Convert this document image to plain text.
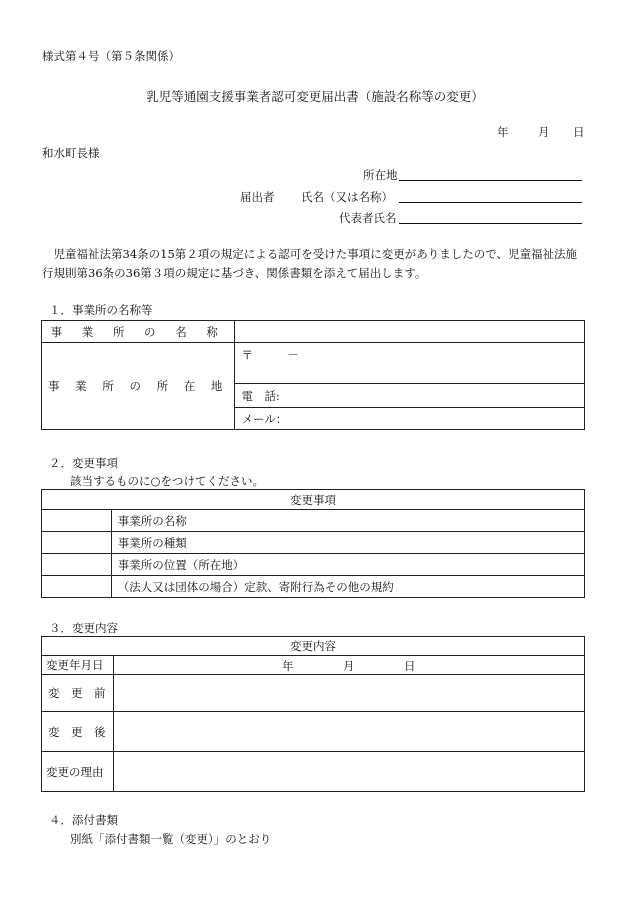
様式第４号（第５条関係）
乳児等通園支援事業者認可変更届出書（施設名称等の変更）
年	月 日
和水町長様
所在地
届出者 氏名（又は名称）
代表者氏名
児童福祉法第34条の15第２項の規定による認可を受けた事項に変更がありましたので、児童福祉法施行規則第36条の36第３項の規定に基づき、関係書類を添えて届出します。
１．事業所の名称等
事 業 所 の 名 称	
事 業 所 の 所 在 地	〒　　　－
	電　話:
	メール：
２．変更事項
該当するものに○をつけてください。
変更事項	
	事業所の名称
	事業所の種類
	事業所の位置（所在地）
	（法人又は団体の場合）定款、寄附行為その他の規約
３．変更内容
変更内容	
変更年月日	年 月 日

変　更　前	
変　更　後	
変更の理由	
４．添付書類
別紙「添付書類一覧（変更）」のとおり
